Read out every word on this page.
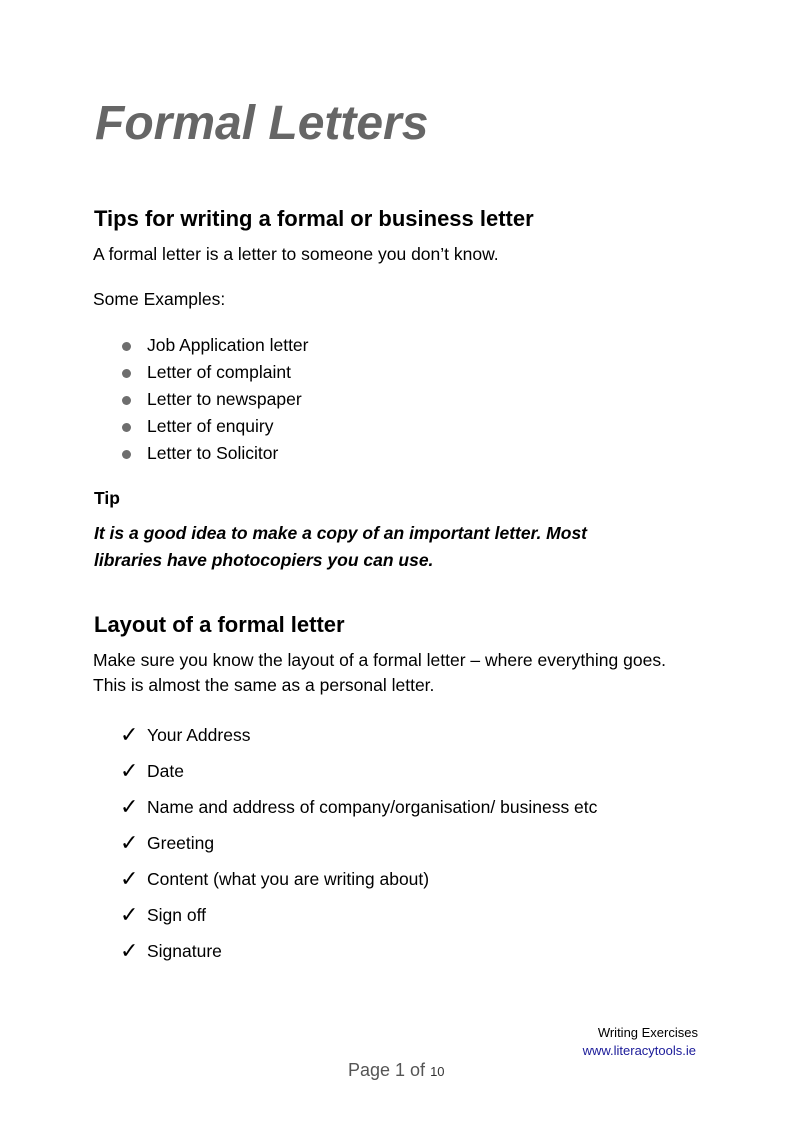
Formal Letters
Tips for writing a formal or business letter

A formal letter is a letter to someone you don’t know.

Some Examples:

Job Application letter
Letter of complaint
Letter to newspaper
Letter of enquiry
Letter to Solicitor

Tip

It is a good idea to make a copy of an important letter. Most libraries have photocopiers you can use.

Layout of a formal letter

Make sure you know the layout of a formal letter – where everything goes. This is almost the same as a personal letter.

✓ Your Address
✓ Date
✓ Name and address of company/organisation/ business etc
✓ Greeting
✓ Content (what you are writing about)
✓ Sign off
✓ Signature

Writing Exercises

www.literacytools.ie

Page 1 of 10
